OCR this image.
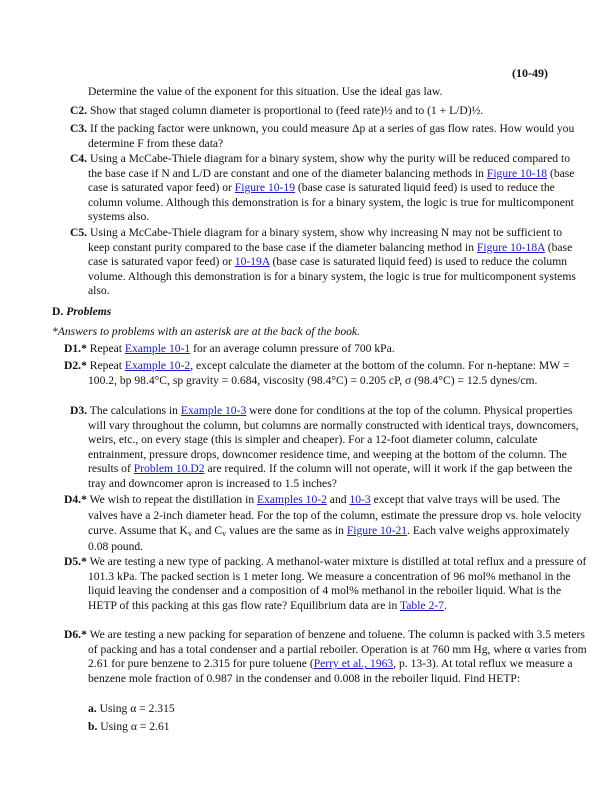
(10-49)
Determine the value of the exponent for this situation. Use the ideal gas law.
C2. Show that staged column diameter is proportional to (feed rate)½ and to (1 + L/D)½.
C3. If the packing factor were unknown, you could measure Δp at a series of gas flow rates. How would you determine F from these data?
C4. Using a McCabe-Thiele diagram for a binary system, show why the purity will be reduced compared to the base case if N and L/D are constant and one of the diameter balancing methods in Figure 10-18 (base case is saturated vapor feed) or Figure 10-19 (base case is saturated liquid feed) is used to reduce the column volume. Although this demonstration is for a binary system, the logic is true for multicomponent systems also.
C5. Using a McCabe-Thiele diagram for a binary system, show why increasing N may not be sufficient to keep constant purity compared to the base case if the diameter balancing method in Figure 10-18A (base case is saturated vapor feed) or 10-19A (base case is saturated liquid feed) is used to reduce the column volume. Although this demonstration is for a binary system, the logic is true for multicomponent systems also.
D. Problems
*Answers to problems with an asterisk are at the back of the book.
D1.* Repeat Example 10-1 for an average column pressure of 700 kPa.
D2.* Repeat Example 10-2, except calculate the diameter at the bottom of the column. For n-heptane: MW = 100.2, bp 98.4°C, sp gravity = 0.684, viscosity (98.4°C) = 0.205 cP, σ (98.4°C) = 12.5 dynes/cm.
D3. The calculations in Example 10-3 were done for conditions at the top of the column. Physical properties will vary throughout the column, but columns are normally constructed with identical trays, downcomers, weirs, etc., on every stage (this is simpler and cheaper). For a 12-foot diameter column, calculate entrainment, pressure drops, downcomer residence time, and weeping at the bottom of the column. The results of Problem 10.D2 are required. If the column will not operate, will it work if the gap between the tray and downcomer apron is increased to 1.5 inches?
D4.* We wish to repeat the distillation in Examples 10-2 and 10-3 except that valve trays will be used. The valves have a 2-inch diameter head. For the top of the column, estimate the pressure drop vs. hole velocity curve. Assume that $K_v$ and $C_v$ values are the same as in Figure 10-21. Each valve weighs approximately 0.08 pound.
D5.* We are testing a new type of packing. A methanol-water mixture is distilled at total reflux and a pressure of 101.3 kPa. The packed section is 1 meter long. We measure a concentration of 96 mol% methanol in the liquid leaving the condenser and a composition of 4 mol% methanol in the reboiler liquid. What is the HETP of this packing at this gas flow rate? Equilibrium data are in Table 2-7.
D6.* We are testing a new packing for separation of benzene and toluene. The column is packed with 3.5 meters of packing and has a total condenser and a partial reboiler. Operation is at 760 mm Hg, where α varies from 2.61 for pure benzene to 2.315 for pure toluene (Perry et al., 1963, p. 13-3). At total reflux we measure a benzene mole fraction of 0.987 in the condenser and 0.008 in the reboiler liquid. Find HETP:
a. Using α = 2.315
b. Using α = 2.61
